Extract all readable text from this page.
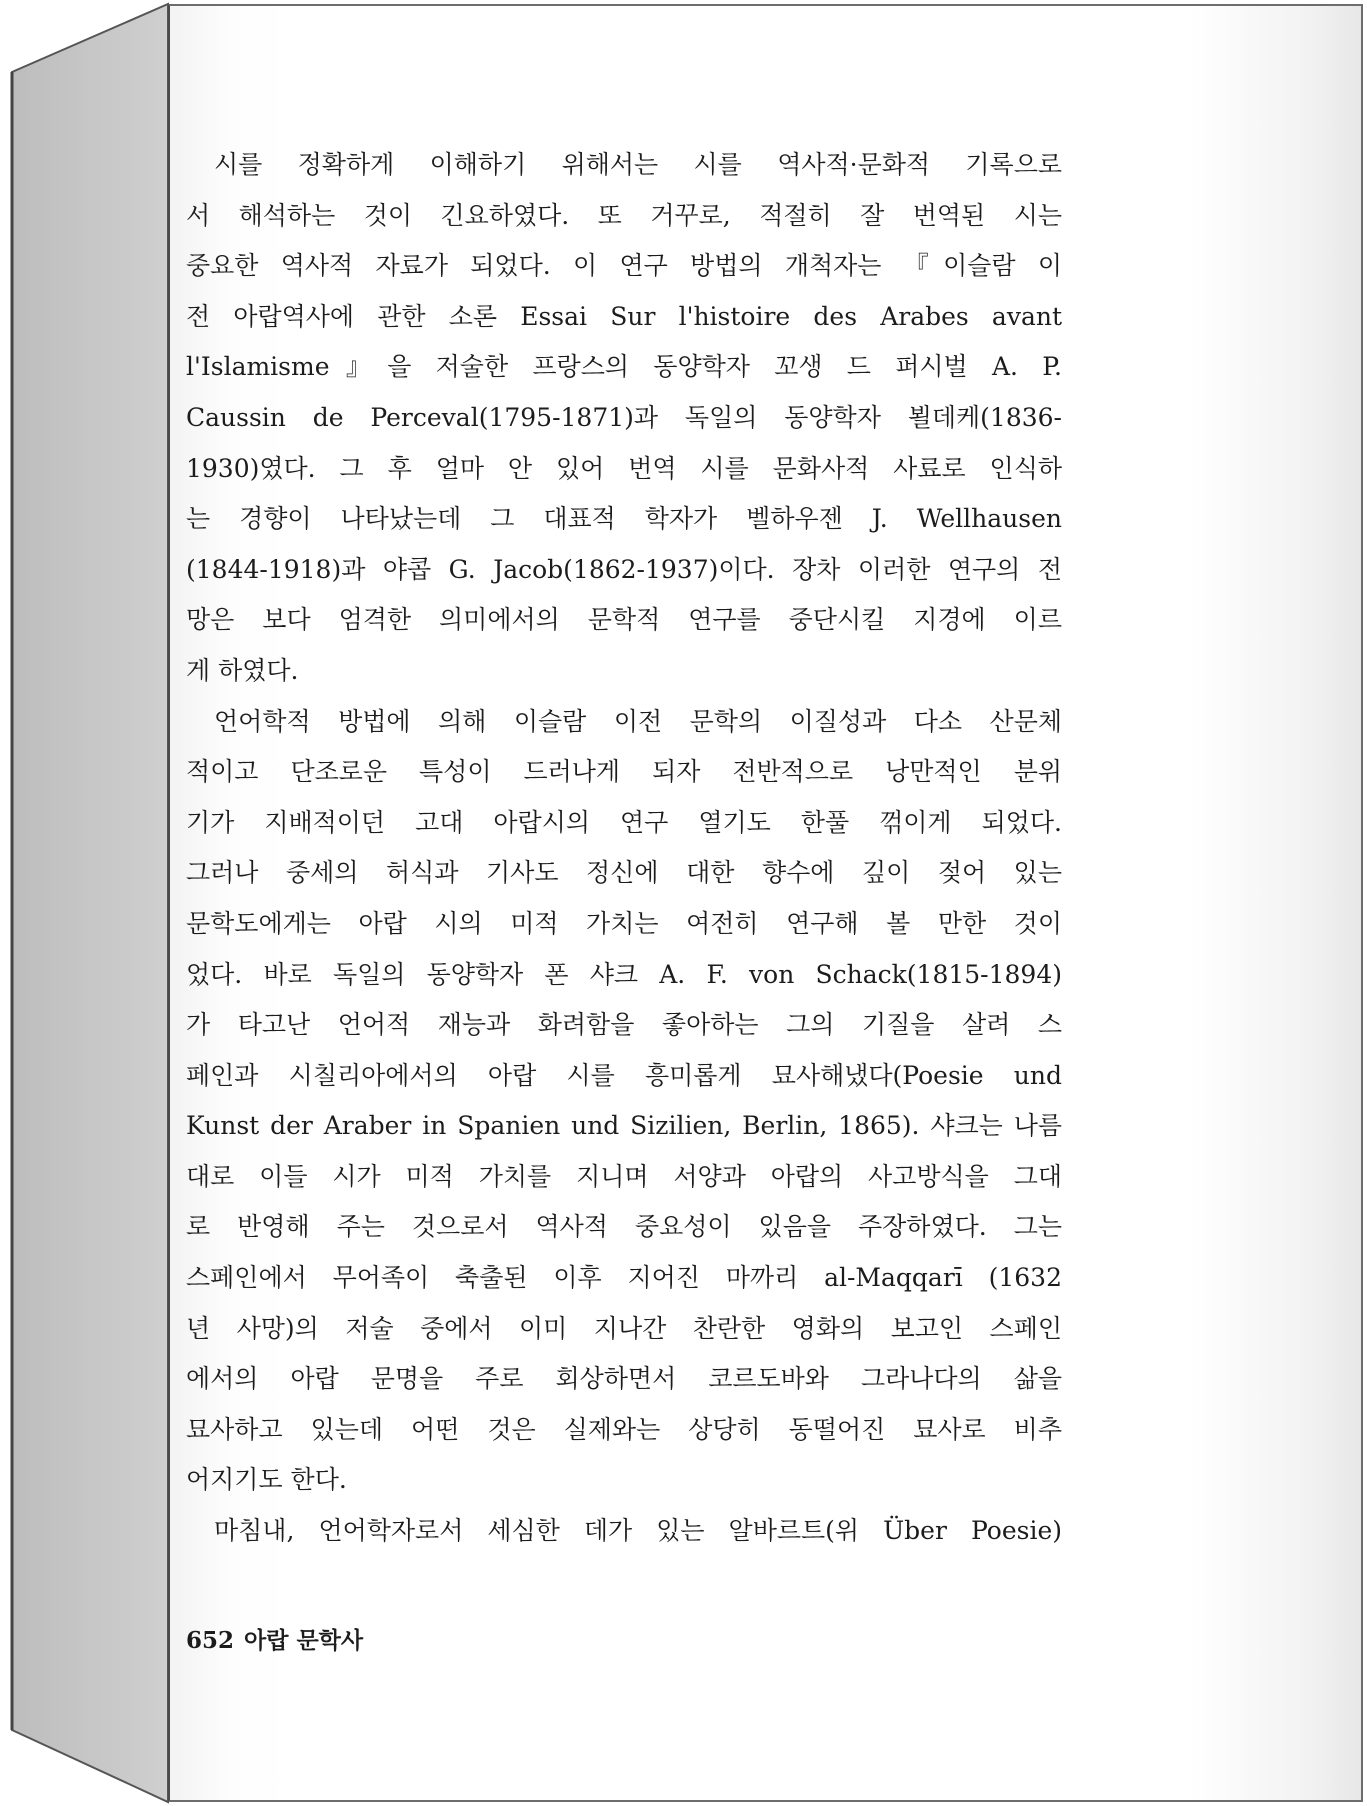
시를 정확하게 이해하기 위해서는 시를 역사적·문화적 기록으로
서 해석하는 것이 긴요하였다. 또 거꾸로, 적절히 잘 번역된 시는
중요한 역사적 자료가 되었다. 이 연구 방법의 개척자는 『이슬람 이
전 아랍역사에 관한 소론 Essai Sur l'histoire des Arabes avant
l'Islamisme』을 저술한 프랑스의 동양학자 꼬생 드 퍼시벌 A. P.
Caussin de Perceval(1795-1871)과 독일의 동양학자 뵐데케(1836-
1930)였다. 그 후 얼마 안 있어 번역 시를 문화사적 사료로 인식하
는 경향이 나타났는데 그 대표적 학자가 벨하우젠 J. Wellhausen
(1844-1918)과 야콥 G. Jacob(1862-1937)이다. 장차 이러한 연구의 전
망은 보다 엄격한 의미에서의 문학적 연구를 중단시킬 지경에 이르
게 하였다.
언어학적 방법에 의해 이슬람 이전 문학의 이질성과 다소 산문체
적이고 단조로운 특성이 드러나게 되자 전반적으로 낭만적인 분위
기가 지배적이던 고대 아랍시의 연구 열기도 한풀 꺾이게 되었다.
그러나 중세의 허식과 기사도 정신에 대한 향수에 깊이 젖어 있는
문학도에게는 아랍 시의 미적 가치는 여전히 연구해 볼 만한 것이
었다. 바로 독일의 동양학자 폰 샤크 A. F. von Schack(1815-1894)
가 타고난 언어적 재능과 화려함을 좋아하는 그의 기질을 살려 스
페인과 시칠리아에서의 아랍 시를 흥미롭게 묘사해냈다(Poesie und
Kunst der Araber in Spanien und Sizilien, Berlin, 1865). 샤크는 나름
대로 이들 시가 미적 가치를 지니며 서양과 아랍의 사고방식을 그대
로 반영해 주는 것으로서 역사적 중요성이 있음을 주장하였다. 그는
스페인에서 무어족이 축출된 이후 지어진 마까리 al-Maqqarī (1632
년 사망)의 저술 중에서 이미 지나간 찬란한 영화의 보고인 스페인
에서의 아랍 문명을 주로 회상하면서 코르도바와 그라나다의 삶을
묘사하고 있는데 어떤 것은 실제와는 상당히 동떨어진 묘사로 비추
어지기도 한다.
마침내, 언어학자로서 세심한 데가 있는 알바르트(위 Über Poesie)
652 아랍 문학사
